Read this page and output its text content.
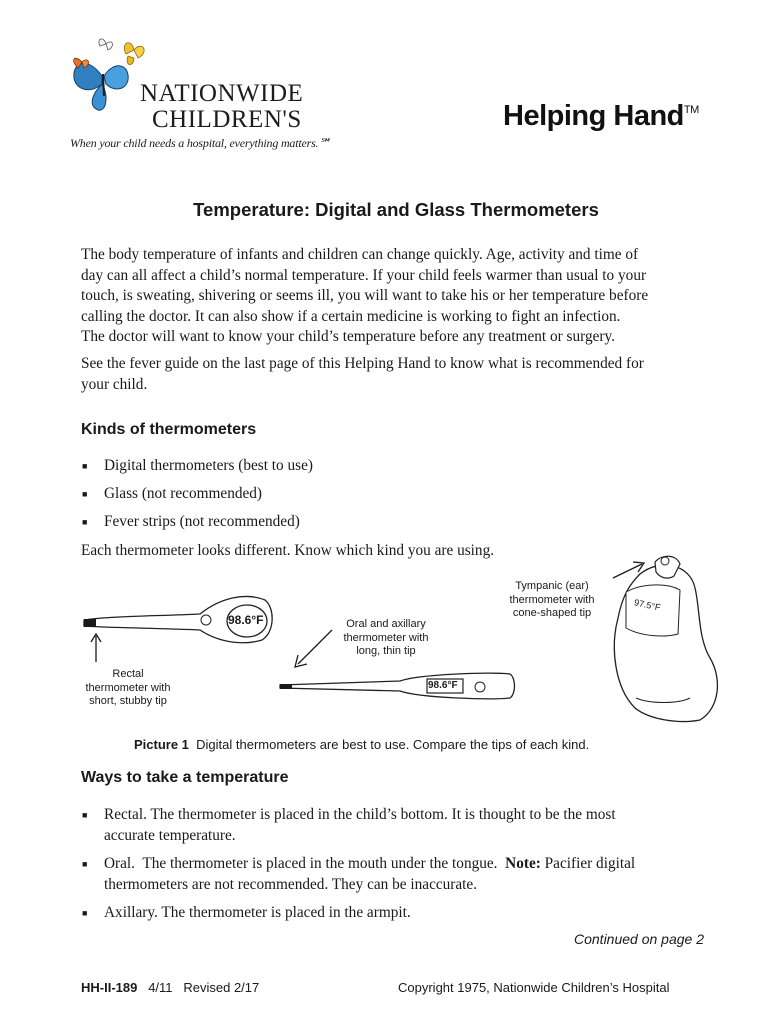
NATIONWIDE
CHILDREN'S
When your child needs a hospital, everything matters.℠
Helping Hand™
Temperature: Digital and Glass Thermometers
The body temperature of infants and children can change quickly. Age, activity and time of
day can all affect a child’s normal temperature. If your child feels warmer than usual to your
touch, is sweating, shivering or seems ill, you will want to take his or her temperature before
calling the doctor. It can also show if a certain medicine is working to fight an infection.
The doctor will want to know your child’s temperature before any treatment or surgery.
See the fever guide on the last page of this Helping Hand to know what is recommended for
your child.
Kinds of thermometers
■ Digital thermometers (best to use)
■ Glass (not recommended)
■ Fever strips (not recommended)
Each thermometer looks different. Know which kind you are using.
98.6°F
98.6°F
97.5°F
Rectal
thermometer with
short, stubby tip
Oral and axillary
thermometer with
long, thin tip
Tympanic (ear)
thermometer with
cone-shaped tip
Picture 1 Digital thermometers are best to use. Compare the tips of each kind.
Ways to take a temperature
■ Rectal. The thermometer is placed in the child’s bottom. It is thought to be the most
accurate temperature.
■ Oral.  The thermometer is placed in the mouth under the tongue.  Note: Pacifier digital
thermometers are not recommended. They can be inaccurate.
■ Axillary. The thermometer is placed in the armpit.
Continued on page 2
HH-II-189 4/11   Revised 2/17	Copyright 1975, Nationwide Children’s Hospital
